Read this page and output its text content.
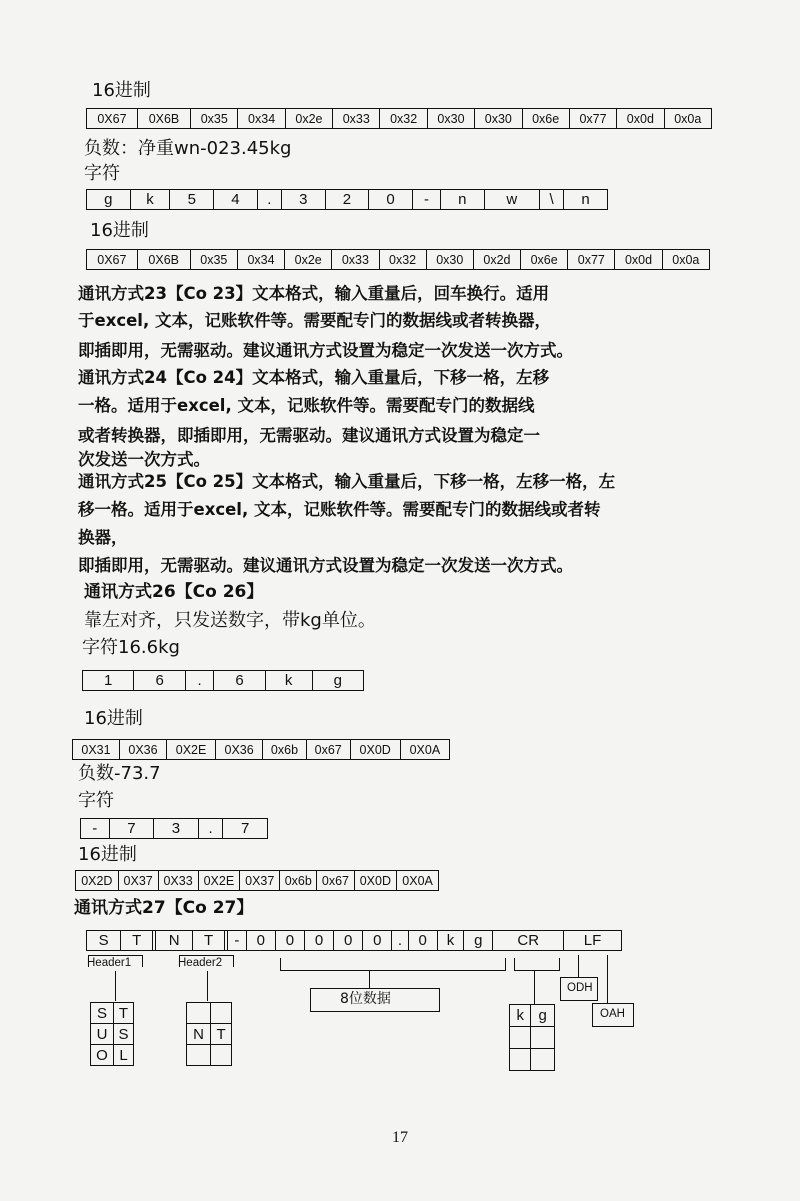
16进制
0X67	0X6B	0x35	0x34	0x2e	0x33	0x32	0x30	0x30	0x6e	0x77	0x0d	0x0a
负数：净重wn-023.45kg
字符
g	k	5	4	.	3	2	0	-	n	w	\	n
16进制
0X67	0X6B	0x35	0x34	0x2e	0x33	0x32	0x30	0x2d	0x6e	0x77	0x0d	0x0a
通讯方式23【Co 23】文本格式，输入重量后，回车换行。适用
于excel, 文本，记账软件等。需要配专门的数据线或者转换器，
即插即用，无需驱动。建议通讯方式设置为稳定一次发送一次方式。
通讯方式24【Co 24】文本格式，输入重量后，下移一格，左移
一格。适用于excel, 文本，记账软件等。需要配专门的数据线
或者转换器，即插即用，无需驱动。建议通讯方式设置为稳定一
次发送一次方式。
通讯方式25【Co 25】文本格式，输入重量后，下移一格，左移一格，左
移一格。适用于excel, 文本，记账软件等。需要配专门的数据线或者转
换器，
即插即用，无需驱动。建议通讯方式设置为稳定一次发送一次方式。
通讯方式26【Co 26】
靠左对齐，只发送数字，带kg单位。
字符16.6kg
1	6	.	6	k	g
16进制
0X31	0X36	0X2E	0X36	0x6b	0x67	0X0D	0X0A
负数-73.7
字符
-	7	3	.	7
16进制
0X2D	0X37	0X33	0X2E	0X37	0x6b	0x67	0X0D	0X0A
通讯方式27【Co 27】
S	T		N	T		-	0	0	0	0	0	.	0	k	g	CR	LF
Header1	Header2
8位数据
ODH
OAH
S	T
U	S
O	L

N	T

k	g

17
